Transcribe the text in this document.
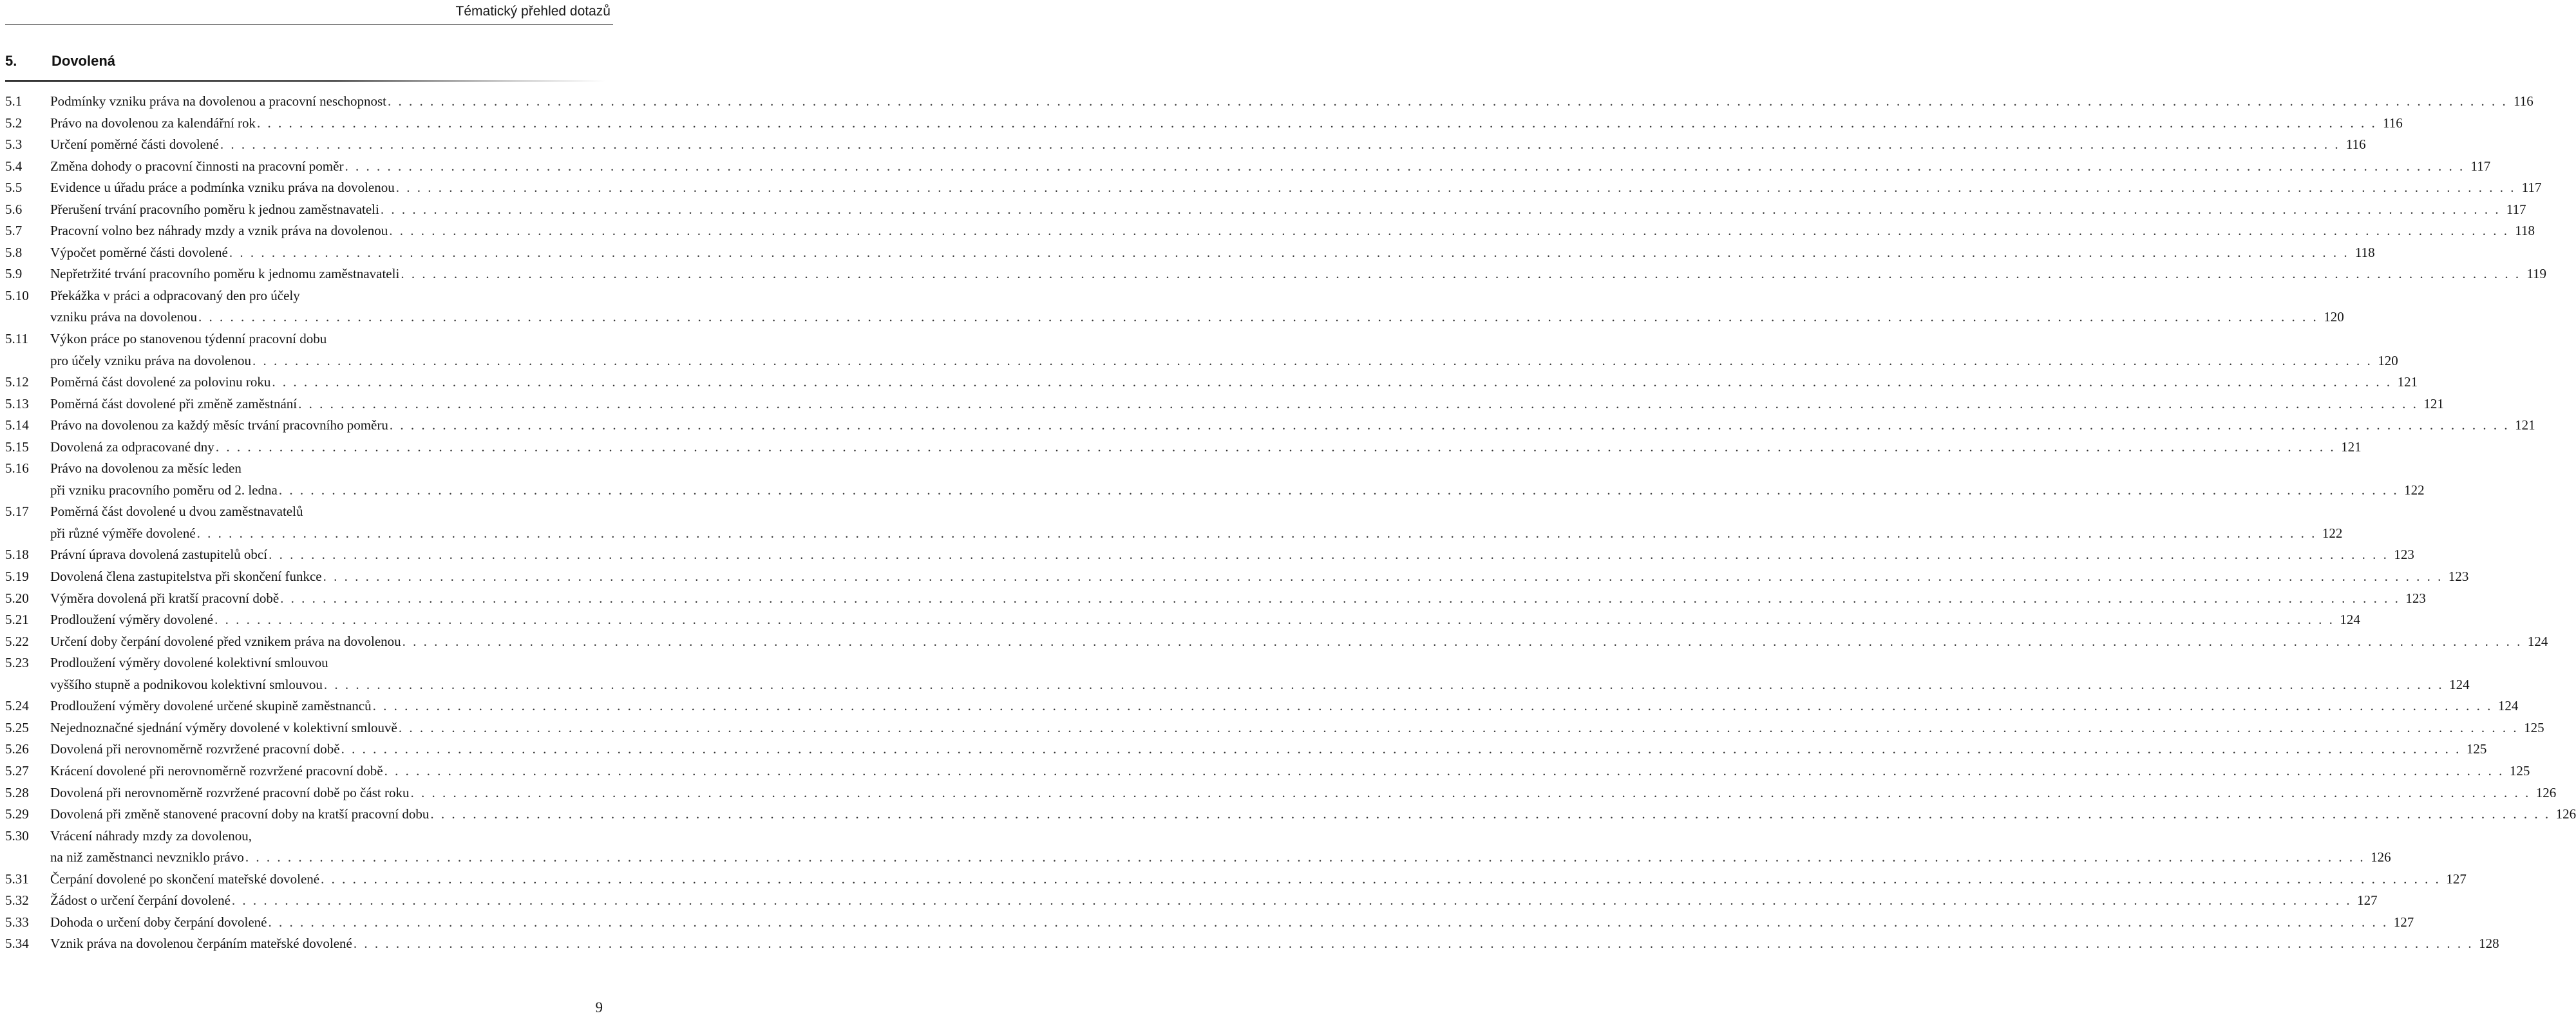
Tématický přehled dotazů
5. Dovolená
5.1	Podmínky vzniku práva na dovolenou a pracovní neschopnost . . . . . . . . . . . . . . . . . . . . . . . . . . . . . . . . . . . . . . . . . . . . . . . . . . . . . . . . . . . . . . . . . . . . . . . . . . . . . . . . . . . . . . . . . . . . . . . . . . . . . . . . . . . . . . . . . . . . . . . . . . . . . . . . . . . . . . . . . . . . . . . . . . . . . . . . . . . . . . . . . . . . . . . . . . . . . . . . . . . . . . . . . . . . . . . . . . . . . . . . 116
5.2	Právo na dovolenou za kalendářní rok . . . . . . . . . . . . . . . . . . . . . . . . . . . . . . . . . . . . . . . . . . . . . . . . . . . . . . . . . . . . . . . . . . . . . . . . . . . . . . . . . . . . . . . . . . . . . . . . . . . . . . . . . . . . . . . . . . . . . . . . . . . . . . . . . . . . . . . . . . . . . . . . . . . . . . . . . . . . . . . . . . . . . . . . . . . . . . . . . . . . . . . . . . . . . . . . . . . . . . . . 116
5.3	Určení poměrné části dovolené . . . . . . . . . . . . . . . . . . . . . . . . . . . . . . . . . . . . . . . . . . . . . . . . . . . . . . . . . . . . . . . . . . . . . . . . . . . . . . . . . . . . . . . . . . . . . . . . . . . . . . . . . . . . . . . . . . . . . . . . . . . . . . . . . . . . . . . . . . . . . . . . . . . . . . . . . . . . . . . . . . . . . . . . . . . . . . . . . . . . . . . . . . . . . . . . . . . . . . . . 116
5.4	Změna dohody o pracovní činnosti na pracovní poměr . . . . . . . . . . . . . . . . . . . . . . . . . . . . . . . . . . . . . . . . . . . . . . . . . . . . . . . . . . . . . . . . . . . . . . . . . . . . . . . . . . . . . . . . . . . . . . . . . . . . . . . . . . . . . . . . . . . . . . . . . . . . . . . . . . . . . . . . . . . . . . . . . . . . . . . . . . . . . . . . . . . . . . . . . . . . . . . . . . . . . . . . . . . . . . . . . . . . . . . . 117
5.5	Evidence u úřadu práce a podmínka vzniku práva na dovolenou . . . . . . . . . . . . . . . . . . . . . . . . . . . . . . . . . . . . . . . . . . . . . . . . . . . . . . . . . . . . . . . . . . . . . . . . . . . . . . . . . . . . . . . . . . . . . . . . . . . . . . . . . . . . . . . . . . . . . . . . . . . . . . . . . . . . . . . . . . . . . . . . . . . . . . . . . . . . . . . . . . . . . . . . . . . . . . . . . . . . . . . . . . . . . . . . . . . . . . . . 117
5.6	Přerušení trvání pracovního poměru k jednou zaměstnavateli . . . . . . . . . . . . . . . . . . . . . . . . . . . . . . . . . . . . . . . . . . . . . . . . . . . . . . . . . . . . . . . . . . . . . . . . . . . . . . . . . . . . . . . . . . . . . . . . . . . . . . . . . . . . . . . . . . . . . . . . . . . . . . . . . . . . . . . . . . . . . . . . . . . . . . . . . . . . . . . . . . . . . . . . . . . . . . . . . . . . . . . . . . . . . . . . . . . . . . . . 117
5.7	Pracovní volno bez náhrady mzdy a vznik práva na dovolenou . . . . . . . . . . . . . . . . . . . . . . . . . . . . . . . . . . . . . . . . . . . . . . . . . . . . . . . . . . . . . . . . . . . . . . . . . . . . . . . . . . . . . . . . . . . . . . . . . . . . . . . . . . . . . . . . . . . . . . . . . . . . . . . . . . . . . . . . . . . . . . . . . . . . . . . . . . . . . . . . . . . . . . . . . . . . . . . . . . . . . . . . . . . . . . . . . . . . . . . . 118
5.8	Výpočet poměrné části dovolené . . . . . . . . . . . . . . . . . . . . . . . . . . . . . . . . . . . . . . . . . . . . . . . . . . . . . . . . . . . . . . . . . . . . . . . . . . . . . . . . . . . . . . . . . . . . . . . . . . . . . . . . . . . . . . . . . . . . . . . . . . . . . . . . . . . . . . . . . . . . . . . . . . . . . . . . . . . . . . . . . . . . . . . . . . . . . . . . . . . . . . . . . . . . . . . . . . . . . . . . 118
5.9	Nepřetržité trvání pracovního poměru k jednomu zaměstnavateli . . . . . . . . . . . . . . . . . . . . . . . . . . . . . . . . . . . . . . . . . . . . . . . . . . . . . . . . . . . . . . . . . . . . . . . . . . . . . . . . . . . . . . . . . . . . . . . . . . . . . . . . . . . . . . . . . . . . . . . . . . . . . . . . . . . . . . . . . . . . . . . . . . . . . . . . . . . . . . . . . . . . . . . . . . . . . . . . . . . . . . . . . . . . . . . . . . . . . . . . 119
5.10	Překážka v práci a odpracovaný den pro účely
vzniku práva na dovolenou . . . . . . . . . . . . . . . . . . . . . . . . . . . . . . . . . . . . . . . . . . . . . . . . . . . . . . . . . . . . . . . . . . . . . . . . . . . . . . . . . . . . . . . . . . . . . . . . . . . . . . . . . . . . . . . . . . . . . . . . . . . . . . . . . . . . . . . . . . . . . . . . . . . . . . . . . . . . . . . . . . . . . . . . . . . . . . . . . . . . . . . . . . . . . . . . . . . . . . . . 120
5.11	Výkon práce po stanovenou týdenní pracovní dobu
pro účely vzniku práva na dovolenou . . . . . . . . . . . . . . . . . . . . . . . . . . . . . . . . . . . . . . . . . . . . . . . . . . . . . . . . . . . . . . . . . . . . . . . . . . . . . . . . . . . . . . . . . . . . . . . . . . . . . . . . . . . . . . . . . . . . . . . . . . . . . . . . . . . . . . . . . . . . . . . . . . . . . . . . . . . . . . . . . . . . . . . . . . . . . . . . . . . . . . . . . . . . . . . . . . . . . . . . 120
5.12	Poměrná část dovolené za polovinu roku . . . . . . . . . . . . . . . . . . . . . . . . . . . . . . . . . . . . . . . . . . . . . . . . . . . . . . . . . . . . . . . . . . . . . . . . . . . . . . . . . . . . . . . . . . . . . . . . . . . . . . . . . . . . . . . . . . . . . . . . . . . . . . . . . . . . . . . . . . . . . . . . . . . . . . . . . . . . . . . . . . . . . . . . . . . . . . . . . . . . . . . . . . . . . . . . . . . . . . . . 121
5.13	Poměrná část dovolené při změně zaměstnání . . . . . . . . . . . . . . . . . . . . . . . . . . . . . . . . . . . . . . . . . . . . . . . . . . . . . . . . . . . . . . . . . . . . . . . . . . . . . . . . . . . . . . . . . . . . . . . . . . . . . . . . . . . . . . . . . . . . . . . . . . . . . . . . . . . . . . . . . . . . . . . . . . . . . . . . . . . . . . . . . . . . . . . . . . . . . . . . . . . . . . . . . . . . . . . . . . . . . . . . 121
5.14	Právo na dovolenou za každý měsíc trvání pracovního poměru . . . . . . . . . . . . . . . . . . . . . . . . . . . . . . . . . . . . . . . . . . . . . . . . . . . . . . . . . . . . . . . . . . . . . . . . . . . . . . . . . . . . . . . . . . . . . . . . . . . . . . . . . . . . . . . . . . . . . . . . . . . . . . . . . . . . . . . . . . . . . . . . . . . . . . . . . . . . . . . . . . . . . . . . . . . . . . . . . . . . . . . . . . . . . . . . . . . . . . . . 121
5.15	Dovolená za odpracované dny . . . . . . . . . . . . . . . . . . . . . . . . . . . . . . . . . . . . . . . . . . . . . . . . . . . . . . . . . . . . . . . . . . . . . . . . . . . . . . . . . . . . . . . . . . . . . . . . . . . . . . . . . . . . . . . . . . . . . . . . . . . . . . . . . . . . . . . . . . . . . . . . . . . . . . . . . . . . . . . . . . . . . . . . . . . . . . . . . . . . . . . . . . . . . . . . . . . . . . . . 121
5.16	Právo na dovolenou za měsíc leden
při vzniku pracovního poměru od 2. ledna . . . . . . . . . . . . . . . . . . . . . . . . . . . . . . . . . . . . . . . . . . . . . . . . . . . . . . . . . . . . . . . . . . . . . . . . . . . . . . . . . . . . . . . . . . . . . . . . . . . . . . . . . . . . . . . . . . . . . . . . . . . . . . . . . . . . . . . . . . . . . . . . . . . . . . . . . . . . . . . . . . . . . . . . . . . . . . . . . . . . . . . . . . . . . . . . . . . . . . . . 122
5.17	Poměrná část dovolené u dvou zaměstnavatelů
při různé výměře dovolené . . . . . . . . . . . . . . . . . . . . . . . . . . . . . . . . . . . . . . . . . . . . . . . . . . . . . . . . . . . . . . . . . . . . . . . . . . . . . . . . . . . . . . . . . . . . . . . . . . . . . . . . . . . . . . . . . . . . . . . . . . . . . . . . . . . . . . . . . . . . . . . . . . . . . . . . . . . . . . . . . . . . . . . . . . . . . . . . . . . . . . . . . . . . . . . . . . . . . . . . 122
5.18	Právní úprava dovolená zastupitelů obcí . . . . . . . . . . . . . . . . . . . . . . . . . . . . . . . . . . . . . . . . . . . . . . . . . . . . . . . . . . . . . . . . . . . . . . . . . . . . . . . . . . . . . . . . . . . . . . . . . . . . . . . . . . . . . . . . . . . . . . . . . . . . . . . . . . . . . . . . . . . . . . . . . . . . . . . . . . . . . . . . . . . . . . . . . . . . . . . . . . . . . . . . . . . . . . . . . . . . . . . . 123
5.19	Dovolená člena zastupitelstva při skončení funkce . . . . . . . . . . . . . . . . . . . . . . . . . . . . . . . . . . . . . . . . . . . . . . . . . . . . . . . . . . . . . . . . . . . . . . . . . . . . . . . . . . . . . . . . . . . . . . . . . . . . . . . . . . . . . . . . . . . . . . . . . . . . . . . . . . . . . . . . . . . . . . . . . . . . . . . . . . . . . . . . . . . . . . . . . . . . . . . . . . . . . . . . . . . . . . . . . . . . . . . . 123
5.20	Výměra dovolená při kratší pracovní době . . . . . . . . . . . . . . . . . . . . . . . . . . . . . . . . . . . . . . . . . . . . . . . . . . . . . . . . . . . . . . . . . . . . . . . . . . . . . . . . . . . . . . . . . . . . . . . . . . . . . . . . . . . . . . . . . . . . . . . . . . . . . . . . . . . . . . . . . . . . . . . . . . . . . . . . . . . . . . . . . . . . . . . . . . . . . . . . . . . . . . . . . . . . . . . . . . . . . . . . 123
5.21	Prodloužení výměry dovolené . . . . . . . . . . . . . . . . . . . . . . . . . . . . . . . . . . . . . . . . . . . . . . . . . . . . . . . . . . . . . . . . . . . . . . . . . . . . . . . . . . . . . . . . . . . . . . . . . . . . . . . . . . . . . . . . . . . . . . . . . . . . . . . . . . . . . . . . . . . . . . . . . . . . . . . . . . . . . . . . . . . . . . . . . . . . . . . . . . . . . . . . . . . . . . . . . . . . . . . . 124
5.22	Určení doby čerpání dovolené před vznikem práva na dovolenou . . . . . . . . . . . . . . . . . . . . . . . . . . . . . . . . . . . . . . . . . . . . . . . . . . . . . . . . . . . . . . . . . . . . . . . . . . . . . . . . . . . . . . . . . . . . . . . . . . . . . . . . . . . . . . . . . . . . . . . . . . . . . . . . . . . . . . . . . . . . . . . . . . . . . . . . . . . . . . . . . . . . . . . . . . . . . . . . . . . . . . . . . . . . . . . . . . . . . . . . 124
5.23	Prodloužení výměry dovolené kolektivní smlouvou
vyššího stupně a podnikovou kolektivní smlouvou . . . . . . . . . . . . . . . . . . . . . . . . . . . . . . . . . . . . . . . . . . . . . . . . . . . . . . . . . . . . . . . . . . . . . . . . . . . . . . . . . . . . . . . . . . . . . . . . . . . . . . . . . . . . . . . . . . . . . . . . . . . . . . . . . . . . . . . . . . . . . . . . . . . . . . . . . . . . . . . . . . . . . . . . . . . . . . . . . . . . . . . . . . . . . . . . . . . . . . . . 124
5.24	Prodloužení výměry dovolené určené skupině zaměstnanců . . . . . . . . . . . . . . . . . . . . . . . . . . . . . . . . . . . . . . . . . . . . . . . . . . . . . . . . . . . . . . . . . . . . . . . . . . . . . . . . . . . . . . . . . . . . . . . . . . . . . . . . . . . . . . . . . . . . . . . . . . . . . . . . . . . . . . . . . . . . . . . . . . . . . . . . . . . . . . . . . . . . . . . . . . . . . . . . . . . . . . . . . . . . . . . . . . . . . . . . 124
5.25	Nejednoznačné sjednání výměry dovolené v kolektivní smlouvě . . . . . . . . . . . . . . . . . . . . . . . . . . . . . . . . . . . . . . . . . . . . . . . . . . . . . . . . . . . . . . . . . . . . . . . . . . . . . . . . . . . . . . . . . . . . . . . . . . . . . . . . . . . . . . . . . . . . . . . . . . . . . . . . . . . . . . . . . . . . . . . . . . . . . . . . . . . . . . . . . . . . . . . . . . . . . . . . . . . . . . . . . . . . . . . . . . . . . . . . 125
5.26	Dovolená při nerovnoměrně rozvržené pracovní době . . . . . . . . . . . . . . . . . . . . . . . . . . . . . . . . . . . . . . . . . . . . . . . . . . . . . . . . . . . . . . . . . . . . . . . . . . . . . . . . . . . . . . . . . . . . . . . . . . . . . . . . . . . . . . . . . . . . . . . . . . . . . . . . . . . . . . . . . . . . . . . . . . . . . . . . . . . . . . . . . . . . . . . . . . . . . . . . . . . . . . . . . . . . . . . . . . . . . . . . 125
5.27	Krácení dovolené při nerovnoměrně rozvržené pracovní době . . . . . . . . . . . . . . . . . . . . . . . . . . . . . . . . . . . . . . . . . . . . . . . . . . . . . . . . . . . . . . . . . . . . . . . . . . . . . . . . . . . . . . . . . . . . . . . . . . . . . . . . . . . . . . . . . . . . . . . . . . . . . . . . . . . . . . . . . . . . . . . . . . . . . . . . . . . . . . . . . . . . . . . . . . . . . . . . . . . . . . . . . . . . . . . . . . . . . . . . 125
5.28	Dovolená při nerovnoměrně rozvržené pracovní době po část roku . . . . . . . . . . . . . . . . . . . . . . . . . . . . . . . . . . . . . . . . . . . . . . . . . . . . . . . . . . . . . . . . . . . . . . . . . . . . . . . . . . . . . . . . . . . . . . . . . . . . . . . . . . . . . . . . . . . . . . . . . . . . . . . . . . . . . . . . . . . . . . . . . . . . . . . . . . . . . . . . . . . . . . . . . . . . . . . . . . . . . . . . . . . . . . . . . . . . . . . . 126
5.29	Dovolená při změně stanovené pracovní doby na kratší pracovní dobu . . . . . . . . . . . . . . . . . . . . . . . . . . . . . . . . . . . . . . . . . . . . . . . . . . . . . . . . . . . . . . . . . . . . . . . . . . . . . . . . . . . . . . . . . . . . . . . . . . . . . . . . . . . . . . . . . . . . . . . . . . . . . . . . . . . . . . . . . . . . . . . . . . . . . . . . . . . . . . . . . . . . . . . . . . . . . . . . . . . . . . . . . . . . . . . . . . . . . . . . 126
5.30	Vrácení náhrady mzdy za dovolenou,
na niž zaměstnanci nevzniklo právo . . . . . . . . . . . . . . . . . . . . . . . . . . . . . . . . . . . . . . . . . . . . . . . . . . . . . . . . . . . . . . . . . . . . . . . . . . . . . . . . . . . . . . . . . . . . . . . . . . . . . . . . . . . . . . . . . . . . . . . . . . . . . . . . . . . . . . . . . . . . . . . . . . . . . . . . . . . . . . . . . . . . . . . . . . . . . . . . . . . . . . . . . . . . . . . . . . . . . . . . 126
5.31	Čerpání dovolené po skončení mateřské dovolené . . . . . . . . . . . . . . . . . . . . . . . . . . . . . . . . . . . . . . . . . . . . . . . . . . . . . . . . . . . . . . . . . . . . . . . . . . . . . . . . . . . . . . . . . . . . . . . . . . . . . . . . . . . . . . . . . . . . . . . . . . . . . . . . . . . . . . . . . . . . . . . . . . . . . . . . . . . . . . . . . . . . . . . . . . . . . . . . . . . . . . . . . . . . . . . . . . . . . . . . 127
5.32	Žádost o určení čerpání dovolené . . . . . . . . . . . . . . . . . . . . . . . . . . . . . . . . . . . . . . . . . . . . . . . . . . . . . . . . . . . . . . . . . . . . . . . . . . . . . . . . . . . . . . . . . . . . . . . . . . . . . . . . . . . . . . . . . . . . . . . . . . . . . . . . . . . . . . . . . . . . . . . . . . . . . . . . . . . . . . . . . . . . . . . . . . . . . . . . . . . . . . . . . . . . . . . . . . . . . . . . 127
5.33	Dohoda o určení doby čerpání dovolené . . . . . . . . . . . . . . . . . . . . . . . . . . . . . . . . . . . . . . . . . . . . . . . . . . . . . . . . . . . . . . . . . . . . . . . . . . . . . . . . . . . . . . . . . . . . . . . . . . . . . . . . . . . . . . . . . . . . . . . . . . . . . . . . . . . . . . . . . . . . . . . . . . . . . . . . . . . . . . . . . . . . . . . . . . . . . . . . . . . . . . . . . . . . . . . . . . . . . . . . 127
5.34	Vznik práva na dovolenou čerpáním mateřské dovolené . . . . . . . . . . . . . . . . . . . . . . . . . . . . . . . . . . . . . . . . . . . . . . . . . . . . . . . . . . . . . . . . . . . . . . . . . . . . . . . . . . . . . . . . . . . . . . . . . . . . . . . . . . . . . . . . . . . . . . . . . . . . . . . . . . . . . . . . . . . . . . . . . . . . . . . . . . . . . . . . . . . . . . . . . . . . . . . . . . . . . . . . . . . . . . . . . . . . . . . . 128
9
